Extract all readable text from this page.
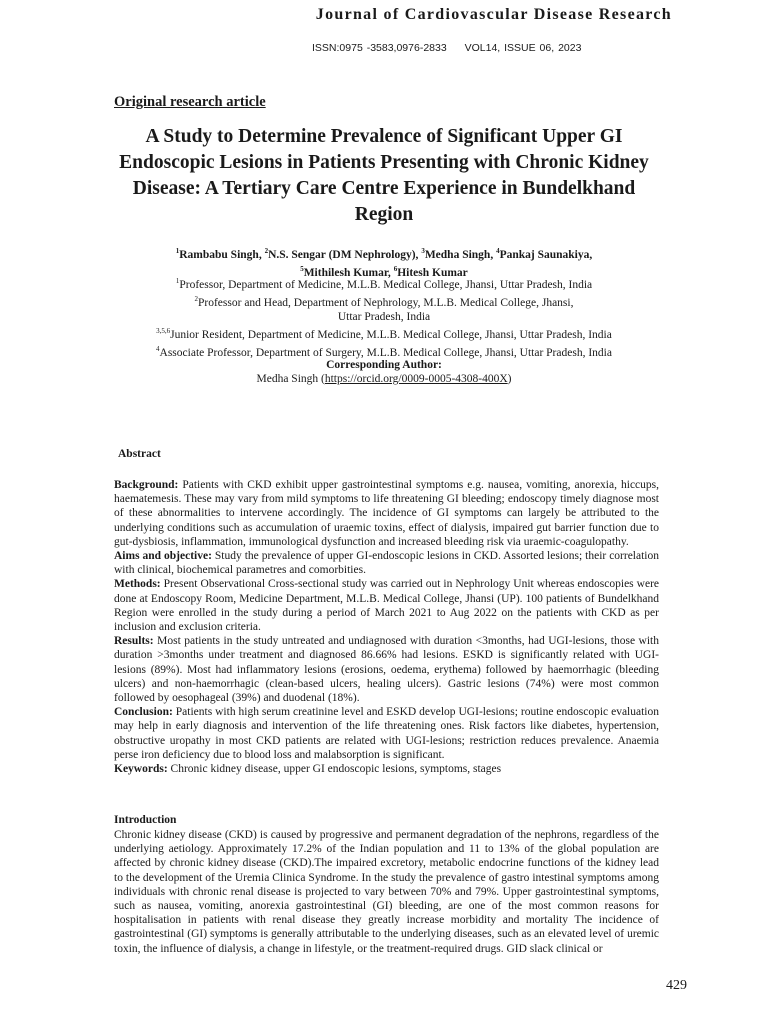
Journal of Cardiovascular Disease Research
ISSN:0975 -3583,0976-2833 VOL14, ISSUE 06, 2023
Original research article
A Study to Determine Prevalence of Significant Upper GI Endoscopic Lesions in Patients Presenting with Chronic Kidney Disease: A Tertiary Care Centre Experience in Bundelkhand Region
$^1$Rambabu Singh, $^2$N.S. Sengar (DM Nephrology), $^3$Medha Singh, $^4$Pankaj Saunakiya,
$^5$Mithilesh Kumar, $^6$Hitesh Kumar
$^1$Professor, Department of Medicine, M.L.B. Medical College, Jhansi, Uttar Pradesh, India
$^2$Professor and Head, Department of Nephrology, M.L.B. Medical College, Jhansi,
Uttar Pradesh, India
$^{3,5,6}$Junior Resident, Department of Medicine, M.L.B. Medical College, Jhansi, Uttar Pradesh, India
$^4$Associate Professor, Department of Surgery, M.L.B. Medical College, Jhansi, Uttar Pradesh, India
Corresponding Author:
Medha Singh (https://orcid.org/0009-0005-4308-400X)
Abstract
Background: Patients with CKD exhibit upper gastrointestinal symptoms e.g. nausea, vomiting, anorexia, hiccups, haematemesis. These may vary from mild symptoms to life threatening GI bleeding; endoscopy timely diagnose most of these abnormalities to intervene accordingly. The incidence of GI symptoms can largely be attributed to the underlying conditions such as accumulation of uraemic toxins, effect of dialysis, impaired gut barrier function due to gut-dysbiosis, inflammation, immunological dysfunction and increased bleeding risk via uraemic-coagulopathy.
Aims and objective: Study the prevalence of upper GI-endoscopic lesions in CKD. Assorted lesions; their correlation with clinical, biochemical parametres and comorbities.
Methods: Present Observational Cross-sectional study was carried out in Nephrology Unit whereas endoscopies were done at Endoscopy Room, Medicine Department, M.L.B. Medical College, Jhansi (UP). 100 patients of Bundelkhand Region were enrolled in the study during a period of March 2021 to Aug 2022 on the patients with CKD as per inclusion and exclusion criteria.
Results: Most patients in the study untreated and undiagnosed with duration <3months, had UGI-lesions, those with duration >3months under treatment and diagnosed 86.66% had lesions. ESKD is significantly related with UGI-lesions (89%). Most had inflammatory lesions (erosions, oedema, erythema) followed by haemorrhagic (bleeding ulcers) and non-haemorrhagic (clean-based ulcers, healing ulcers). Gastric lesions (74%) were most common followed by oesophageal (39%) and duodenal (18%).
Conclusion: Patients with high serum creatinine level and ESKD develop UGI-lesions; routine endoscopic evaluation may help in early diagnosis and intervention of the life threatening ones. Risk factors like diabetes, hypertension, obstructive uropathy in most CKD patients are related with UGI-lesions; restriction reduces prevalence. Anaemia perse iron deficiency due to blood loss and malabsorption is significant.
Keywords: Chronic kidney disease, upper GI endoscopic lesions, symptoms, stages
Introduction
Chronic kidney disease (CKD) is caused by progressive and permanent degradation of the nephrons, regardless of the underlying aetiology. Approximately 17.2% of the Indian population and 11 to 13% of the global population are affected by chronic kidney disease (CKD).The impaired excretory, metabolic endocrine functions of the kidney lead to the development of the Uremia Clinica Syndrome. In the study the prevalence of gastro intestinal symptoms among individuals with chronic renal disease is projected to vary between 70% and 79%. Upper gastrointestinal symptoms, such as nausea, vomiting, anorexia gastrointestinal (GI) bleeding, are one of the most common reasons for hospitalisation in patients with renal disease they greatly increase morbidity and mortality The incidence of gastrointestinal (GI) symptoms is generally attributable to the underlying diseases, such as an elevated level of uremic toxin, the influence of dialysis, a change in lifestyle, or the treatment-required drugs. GID slack clinical or
429
